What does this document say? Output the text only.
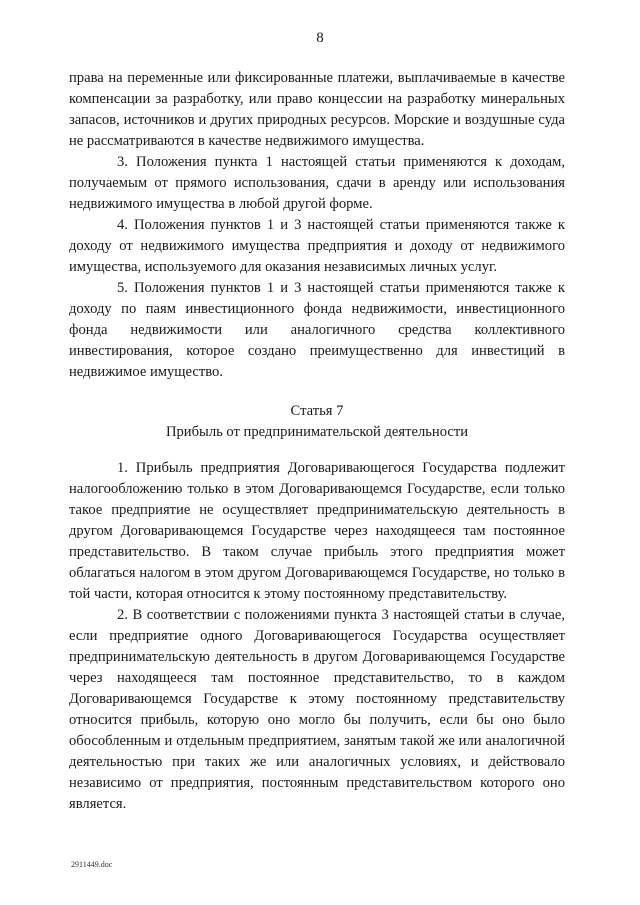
8

права на переменные или фиксированные платежи, выплачиваемые в качестве компенсации за разработку, или право концессии на разработку минеральных запасов, источников и других природных ресурсов. Морские и воздушные суда не рассматриваются в качестве недвижимого имущества.

3. Положения пункта 1 настоящей статьи применяются к доходам, получаемым от прямого использования, сдачи в аренду или использования недвижимого имущества в любой другой форме.

4. Положения пунктов 1 и 3 настоящей статьи применяются также к доходу от недвижимого имущества предприятия и доходу от недвижимого имущества, используемого для оказания независимых личных услуг.

5. Положения пунктов 1 и 3 настоящей статьи применяются также к доходу по паям инвестиционного фонда недвижимости, инвестиционного фонда недвижимости или аналогичного средства коллективного инвестирования, которое создано преимущественно для инвестиций в недвижимое имущество.

Статья 7
Прибыль от предпринимательской деятельности

1. Прибыль предприятия Договаривающегося Государства подлежит налогообложению только в этом Договаривающемся Государстве, если только такое предприятие не осуществляет предпринимательскую деятельность в другом Договаривающемся Государстве через находящееся там постоянное представительство. В таком случае прибыль этого предприятия может облагаться налогом в этом другом Договаривающемся Государстве, но только в той части, которая относится к этому постоянному представительству.

2. В соответствии с положениями пункта 3 настоящей статьи в случае, если предприятие одного Договаривающегося Государства осуществляет предпринимательскую деятельность в другом Договаривающемся Государстве через находящееся там постоянное представительство, то в каждом Договаривающемся Государстве к этому постоянному представительству относится прибыль, которую оно могло бы получить, если бы оно было обособленным и отдельным предприятием, занятым такой же или аналогичной деятельностью при таких же или аналогичных условиях, и действовало независимо от предприятия, постоянным представительством которого оно является.

2911449.doc
